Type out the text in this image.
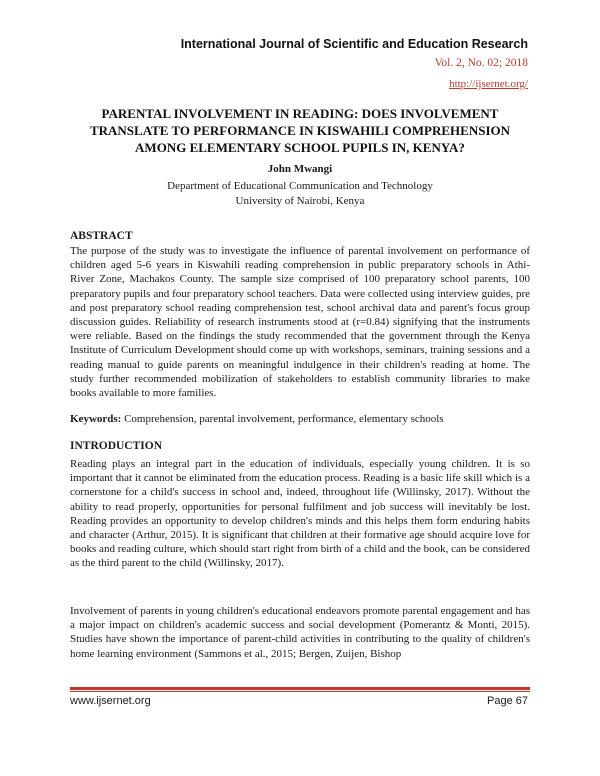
International Journal of Scientific and Education Research
Vol. 2, No. 02; 2018
http://ijsernet.org/
PARENTAL INVOLVEMENT IN READING: DOES INVOLVEMENT TRANSLATE TO PERFORMANCE IN KISWAHILI COMPREHENSION AMONG ELEMENTARY SCHOOL PUPILS IN, KENYA?
John Mwangi
Department of Educational Communication and Technology
University of Nairobi, Kenya
ABSTRACT
The purpose of the study was to investigate the influence of parental involvement on performance of children aged 5-6 years in Kiswahili reading comprehension in public preparatory schools in Athi- River Zone, Machakos County. The sample size comprised of 100 preparatory school parents, 100 preparatory pupils and four preparatory school teachers. Data were collected using interview guides, pre and post preparatory school reading comprehension test, school archival data and parent's focus group discussion guides. Reliability of research instruments stood at (r=0.84) signifying that the instruments were reliable. Based on the findings the study recommended that the government through the Kenya Institute of Curriculum Development should come up with workshops, seminars, training sessions and a reading manual to guide parents on meaningful indulgence in their children's reading at home. The study further recommended mobilization of stakeholders to establish community libraries to make books available to more families.
Keywords: Comprehension, parental involvement, performance, elementary schools
INTRODUCTION
Reading plays an integral part in the education of individuals, especially young children. It is so important that it cannot be eliminated from the education process. Reading is a basic life skill which is a cornerstone for a child's success in school and, indeed, throughout life (Willinsky, 2017). Without the ability to read properly, opportunities for personal fulfilment and job success will inevitably be lost. Reading provides an opportunity to develop children's minds and this helps them form enduring habits and character (Arthur, 2015). It is significant that children at their formative age should acquire love for books and reading culture, which should start right from birth of a child and the book, can be considered as the third parent to the child (Willinsky, 2017).
Involvement of parents in young children's educational endeavors promote parental engagement and has a major impact on children's academic success and social development (Pomerantz & Monti, 2015). Studies have shown the importance of parent-child activities in contributing to the quality of children's home learning environment (Sammons et al., 2015; Bergen, Zuijen, Bishop
www.ijsernet.org	Page 67
